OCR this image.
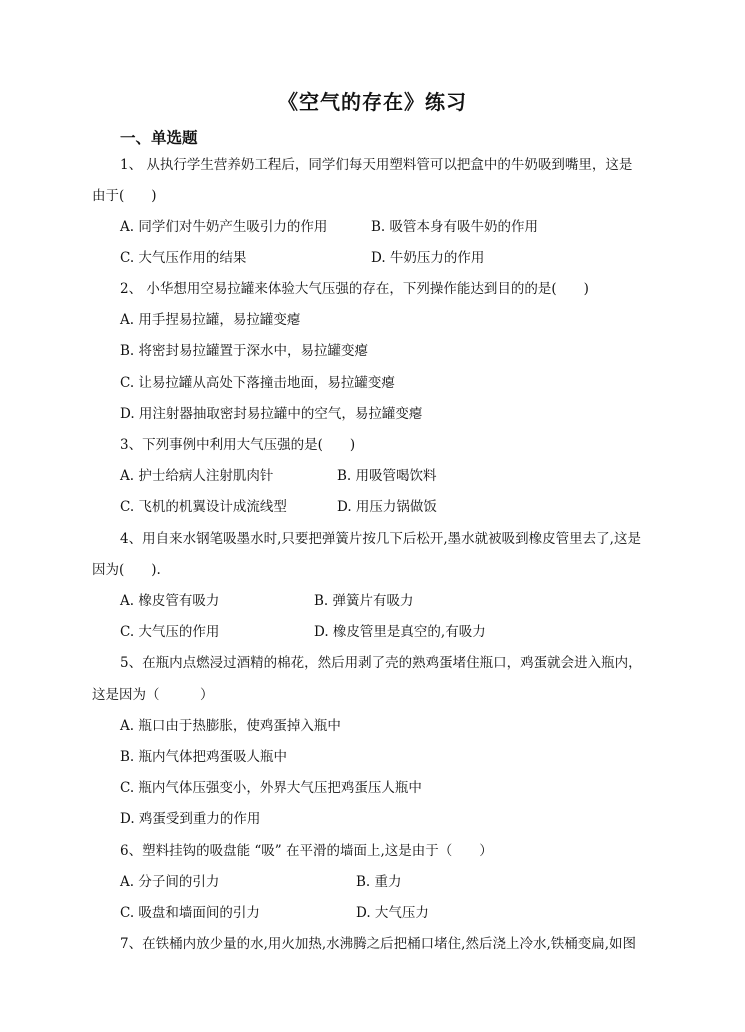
《空气的存在》练习
一、单选题
1、 从执行学生营养奶工程后，同学们每天用塑料管可以把盒中的牛奶吸到嘴里，这是
由于(　　)
A. 同学们对牛奶产生吸引力的作用	B. 吸管本身有吸牛奶的作用
C. 大气压作用的结果	D. 牛奶压力的作用
2、 小华想用空易拉罐来体验大气压强的存在，下列操作能达到目的的是(　　)
A. 用手捏易拉罐，易拉罐变瘪
B. 将密封易拉罐置于深水中，易拉罐变瘪
C. 让易拉罐从高处下落撞击地面，易拉罐变瘪
D. 用注射器抽取密封易拉罐中的空气，易拉罐变瘪
3、下列事例中利用大气压强的是(　　)
A. 护士给病人注射肌肉针	B. 用吸管喝饮料
C. 飞机的机翼设计成流线型	D. 用压力锅做饭
4、用自来水钢笔吸墨水时,只要把弹簧片按几下后松开,墨水就被吸到橡皮管里去了,这是
因为(　　).
A. 橡皮管有吸力	B. 弹簧片有吸力
C. 大气压的作用	D. 橡皮管里是真空的,有吸力
5、在瓶内点燃浸过酒精的棉花，然后用剥了壳的熟鸡蛋堵住瓶口，鸡蛋就会进入瓶内，
这是因为（　　　）
A. 瓶口由于热膨胀，使鸡蛋掉入瓶中
B. 瓶内气体把鸡蛋吸人瓶中
C. 瓶内气体压强变小，外界大气压把鸡蛋压人瓶中
D. 鸡蛋受到重力的作用
6、塑料挂钩的吸盘能 “吸” 在平滑的墙面上,这是由于（　　）
A. 分子间的引力	B. 重力
C. 吸盘和墙面间的引力	D. 大气压力
7、在铁桶内放少量的水,用火加热,水沸腾之后把桶口堵住,然后浇上冷水,铁桶变扁,如图
